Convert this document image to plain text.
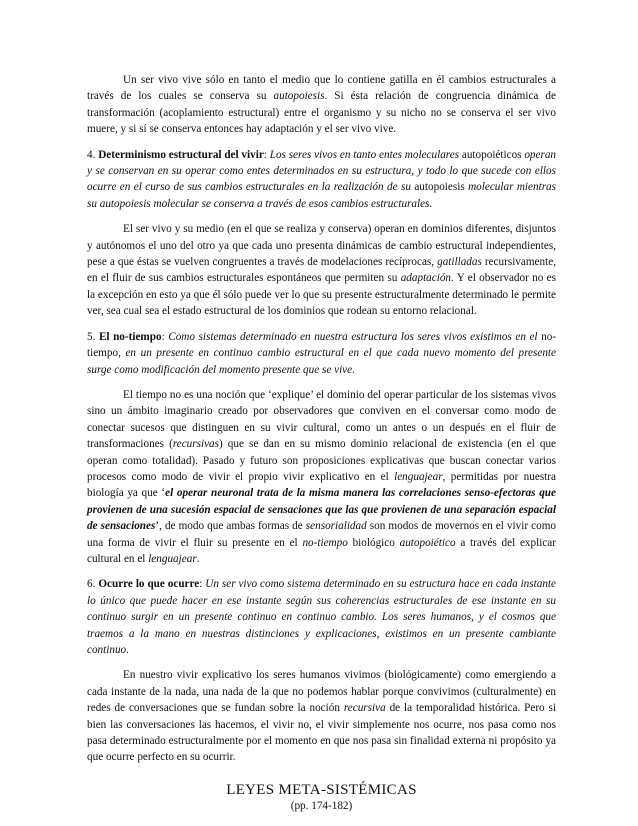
Un ser vivo vive sólo en tanto el medio que lo contiene gatilla en él cambios estructurales a través de los cuales se conserva su autopoiesis. Si ésta relación de congruencia dinámica de transformación (acoplamiento estructural) entre el organismo y su nicho no se conserva el ser vivo muere, y si sí se conserva entonces hay adaptación y el ser vivo vive.

4. Determinismo estructural del vivir: Los seres vivos en tanto entes moleculares autopoiéticos operan y se conservan en su operar como entes determinados en su estructura, y todo lo que sucede con ellos ocurre en el curso de sus cambios estructurales en la realización de su autopoiesis molecular mientras su autopoiesis molecular se conserva a través de esos cambios estructurales.

El ser vivo y su medio (en el que se realiza y conserva) operan en dominios diferentes, disjuntos y autónomos el uno del otro ya que cada uno presenta dinámicas de cambio estructural independientes, pese a que éstas se vuelven congruentes a través de modelaciones recíprocas, gatilladas recursivamente, en el fluir de sus cambios estructurales espontáneos que permiten su adaptación. Y el observador no es la excepción en esto ya que él sólo puede ver lo que su presente estructuralmente determinado le permite ver, sea cual sea el estado estructural de los dominios que rodean su entorno relacional.

5. El no-tiempo: Como sistemas determinado en nuestra estructura los seres vivos existimos en el no-tiempo, en un presente en continuo cambio estructural en el que cada nuevo momento del presente surge como modificación del momento presente que se vive.

El tiempo no es una noción que ‘explique’ el dominio del operar particular de los sistemas vivos sino un ámbito imaginario creado por observadores que conviven en el conversar como modo de conectar sucesos que distinguen en su vivir cultural, como un antes o un después en el fluir de transformaciones (recursivas) que se dan en su mismo dominio relacional de existencia (en el que operan como totalidad). Pasado y futuro son proposiciones explicativas que buscan conectar varios procesos como modo de vivir el propio vivir explicativo en el lenguajear, permitidas por nuestra biología ya que ‘el operar neuronal trata de la misma manera las correlaciones senso-efectoras que provienen de una sucesión espacial de sensaciones que las que provienen de una separación espacial de sensaciones’, de modo que ambas formas de sensorialidad son modos de movernos en el vivir como una forma de vivir el fluir su presente en el no-tiempo biológico autopoiético a través del explicar cultural en el lenguajear.

6. Ocurre lo que ocurre: Un ser vivo como sistema determinado en su estructura hace en cada instante lo único que puede hacer en ese instante según sus coherencias estructurales de ese instante en su continuo surgir en un presente continuo en continuo cambio. Los seres humanos, y el cosmos que traemos a la mano en nuestras distinciones y explicaciones, existimos en un presente cambiante continuo.

En nuestro vivir explicativo los seres humanos vivimos (biológicamente) como emergiendo a cada instante de la nada, una nada de la que no podemos hablar porque convivimos (culturalmente) en redes de conversaciones que se fundan sobre la noción recursiva de la temporalidad histórica. Pero si bien las conversaciones las hacemos, el vivir no, el vivir simplemente nos ocurre, nos pasa como nos pasa determinado estructuralmente por el momento en que nos pasa sin finalidad externa ni propósito ya que ocurre perfecto en su ocurrir.

LEYES META-SISTÉMICAS
(pp. 174-182)
